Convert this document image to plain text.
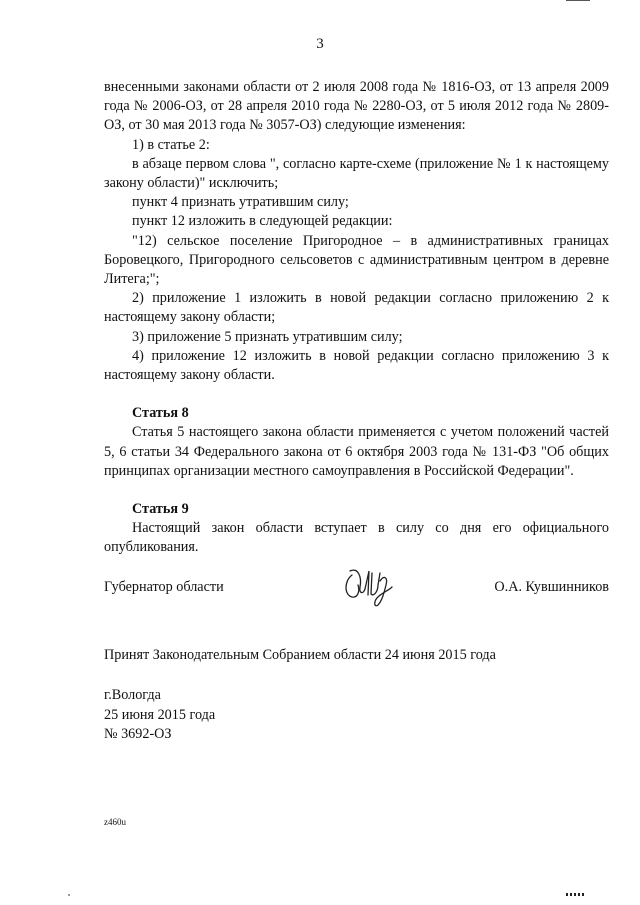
3

внесенными законами области от 2 июля 2008 года № 1816-ОЗ, от 13 апреля 2009 года № 2006-ОЗ, от 28 апреля 2010 года № 2280-ОЗ, от 5 июля 2012 года № 2809-ОЗ, от 30 мая 2013 года № 3057-ОЗ) следующие изменения:

1) в статье 2:

в абзаце первом слова ", согласно карте-схеме (приложение № 1 к настоящему закону области)" исключить;

пункт 4 признать утратившим силу;

пункт 12 изложить в следующей редакции:

"12) сельское поселение Пригородное – в административных границах Боровецкого, Пригородного сельсоветов с административным центром в деревне Литега;";

2) приложение 1 изложить в новой редакции согласно приложению 2 к настоящему закону области;

3) приложение 5 признать утратившим силу;

4) приложение 12 изложить в новой редакции согласно приложению 3 к настоящему закону области.

Статья 8

Статья 5 настоящего закона области применяется с учетом положений частей 5, 6 статьи 34 Федерального закона от 6 октября 2003 года № 131-ФЗ "Об общих принципах организации местного самоуправления в Российской Федерации".

Статья 9

Настоящий закон области вступает в силу со дня его официального опубликования.

Губернатор области	О.А. Кувшинников
Принят Законодательным Собранием области 24 июня 2015 года
г.Вологда
25 июня 2015 года
№ 3692-ОЗ
z460u
